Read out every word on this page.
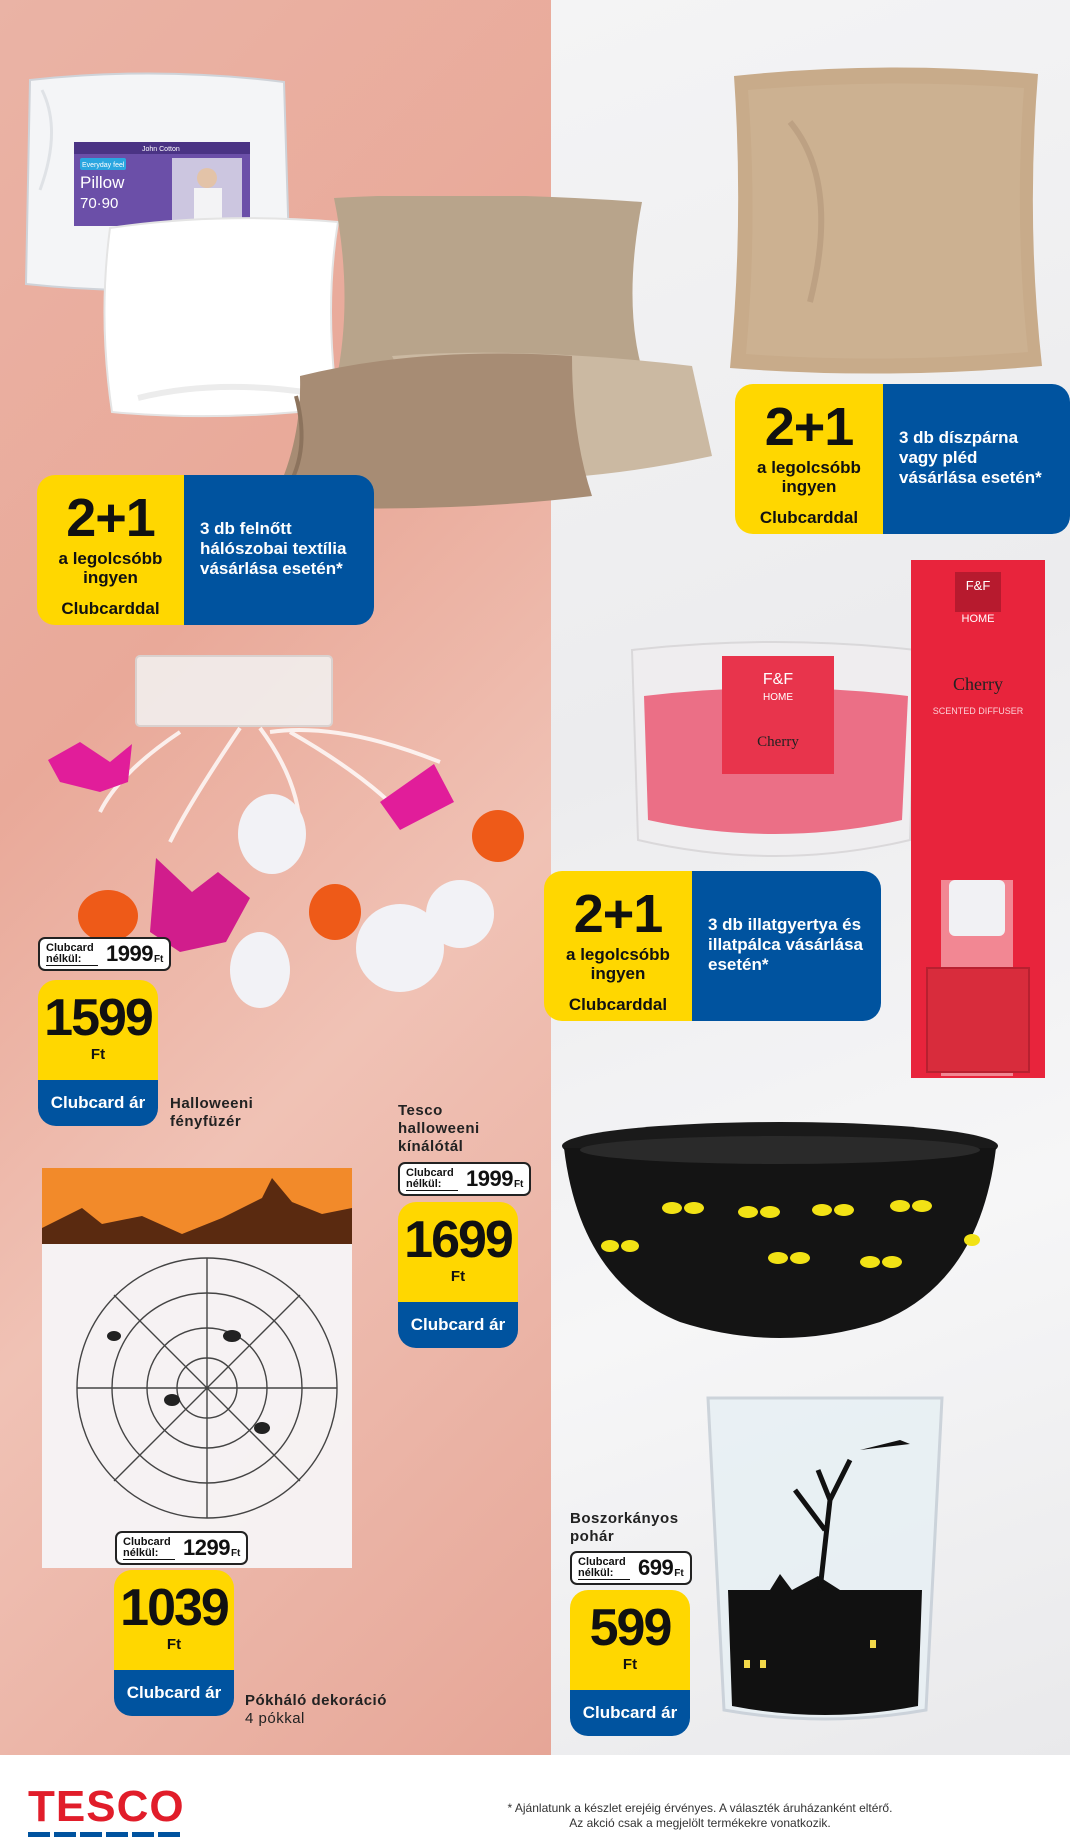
Everyday feel
John Cotton
Pillow
70·90
2+1
a legolcsóbb ingyen
Clubcarddal
3 db felnőtt hálószobai textília vásárlása esetén*
2+1
a legolcsóbb ingyen
Clubcarddal
3 db díszpárna vagy pléd vásárlása esetén*
Clubcard nélkül:	1999 Ft
1599
Ft
Clubcard ár	Halloweeni fényfüzér
F&F
HOME
Cherry
F&F
HOME
Cherry
SCENTED DIFFUSER
2+1
a legolcsóbb ingyen
Clubcarddal
3 db illatgyertya és illatpálca vásárlása esetén*
Tesco halloweeni kínálótál
Clubcard nélkül:	1999 Ft
1699
Ft
Clubcard ár
Clubcard nélkül:	1299 Ft
1039
Ft
Clubcard ár	Pókháló dekoráció
4 pókkal
Boszorkányos pohár
Clubcard nélkül:	699 Ft
599
Ft
Clubcard ár
TESCO	* Ajánlatunk a készlet erejéig érvényes. A választék áruházanként eltérő.
Az akció csak a megjelölt termékekre vonatkozik.
